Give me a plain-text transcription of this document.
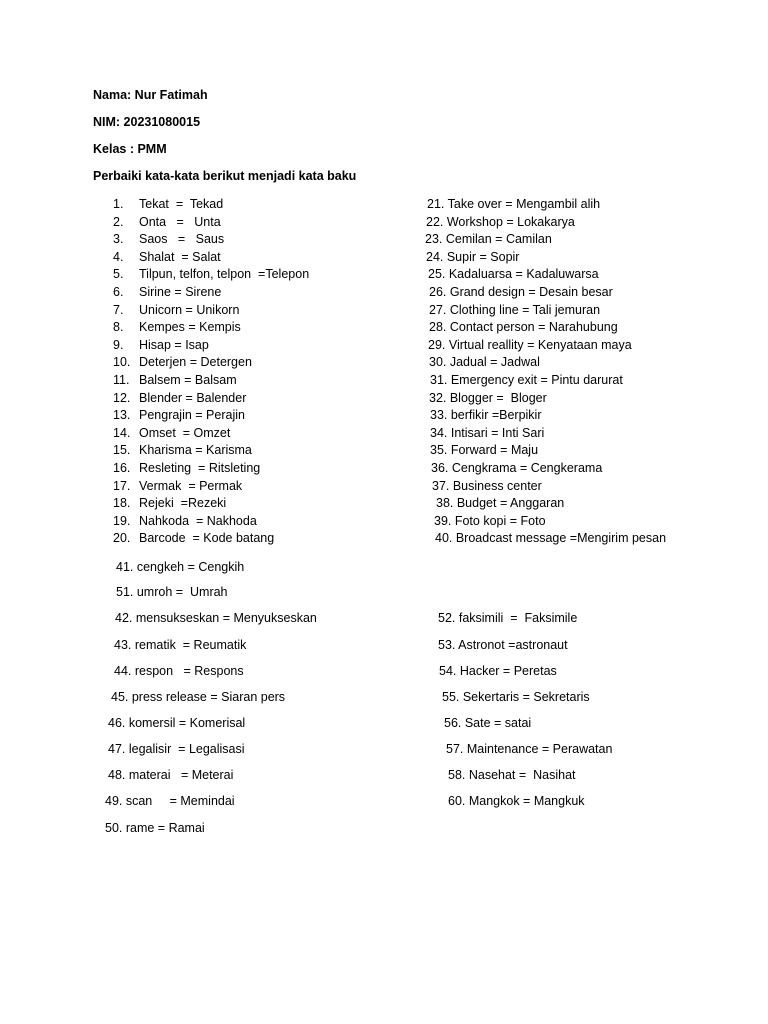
Nama: Nur Fatimah
NIM: 20231080015
Kelas : PMM
Perbaiki kata-kata berikut menjadi kata baku
1. Tekat  =  Tekad
2. Onta   =   Unta
3. Saos   =   Saus
4. Shalat  = Salat
5. Tilpun, telfon, telpon  =Telepon
6. Sirine = Sirene
7. Unicorn = Unikorn
8. Kempes = Kempis
9. Hisap = Isap
10. Deterjen = Detergen
11. Balsem = Balsam
12. Blender = Balender
13. Pengrajin = Perajin
14. Omset  = Omzet
15. Kharisma = Karisma
16. Resleting  = Ritsleting
17. Vermak  = Permak
18. Rejeki  =Rezeki
19. Nahkoda  = Nakhoda
20. Barcode  = Kode batang
21. Take over = Mengambil alih
22. Workshop = Lokakarya
23. Cemilan = Camilan
24. Supir = Sopir
25. Kadaluarsa = Kadaluwarsa
26. Grand design = Desain besar
27. Clothing line = Tali jemuran
28. Contact person = Narahubung
29. Virtual reallity = Kenyataan maya
30. Jadual = Jadwal
31. Emergency exit = Pintu darurat
32. Blogger =  Bloger
33. berfikir =Berpikir
34. Intisari = Inti Sari
35. Forward = Maju
36. Cengkrama = Cengkerama
37. Business center
38. Budget = Anggaran
39. Foto kopi = Foto
40. Broadcast message =Mengirim pesan
41. cengkeh = Cengkih
51. umroh =  Umrah
42. mensukseskan = Menyukseskan
43. rematik  = Reumatik
44. respon   = Respons
45. press release = Siaran pers
46. komersil = Komerisal
47. legalisir  = Legalisasi
48. materai   = Meterai
49. scan     = Memindai
50. rame = Ramai
52. faksimili  =  Faksimile
53. Astronot =astronaut
54. Hacker = Peretas
55. Sekertaris = Sekretaris
56. Sate = satai
57. Maintenance = Perawatan
58. Nasehat =  Nasihat
60. Mangkok = Mangkuk
